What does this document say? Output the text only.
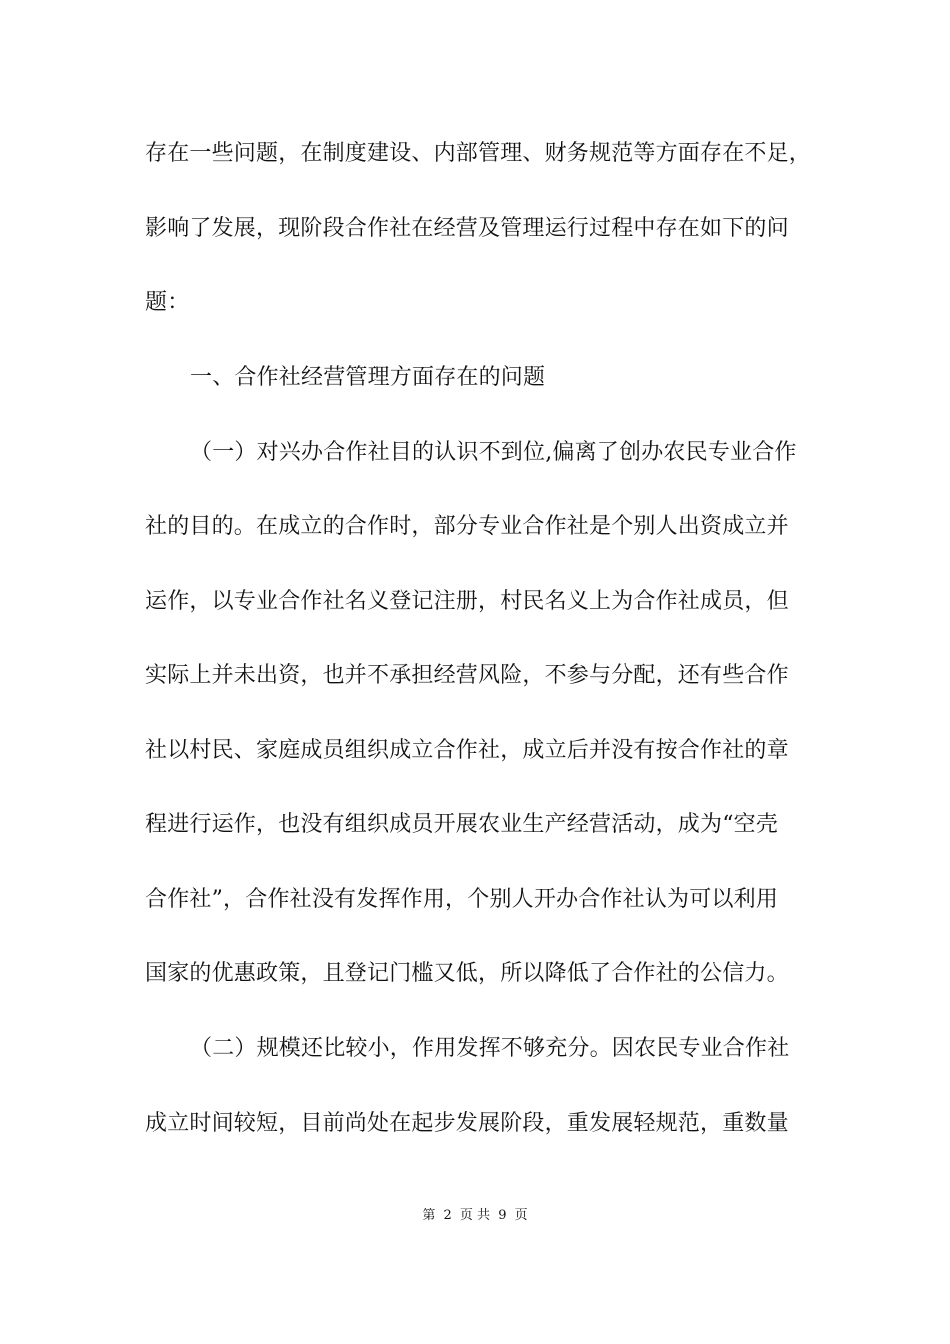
存在一些问题，在制度建设、内部管理、财务规范等方面存在不足，
影响了发展，现阶段合作社在经营及管理运行过程中存在如下的问
题：
一、合作社经营管理方面存在的问题
（一）对兴办合作社目的认识不到位,偏离了创办农民专业合作
社的目的。在成立的合作时，部分专业合作社是个别人出资成立并
运作，以专业合作社名义登记注册，村民名义上为合作社成员，但
实际上并未出资，也并不承担经营风险，不参与分配，还有些合作
社以村民、家庭成员组织成立合作社，成立后并没有按合作社的章
程进行运作，也没有组织成员开展农业生产经营活动，成为“空壳
合作社”，合作社没有发挥作用，个别人开办合作社认为可以利用
国家的优惠政策，且登记门槛又低，所以降低了合作社的公信力。
（二）规模还比较小，作用发挥不够充分。因农民专业合作社
成立时间较短，目前尚处在起步发展阶段，重发展轻规范，重数量
第 2 页 共 9 页
